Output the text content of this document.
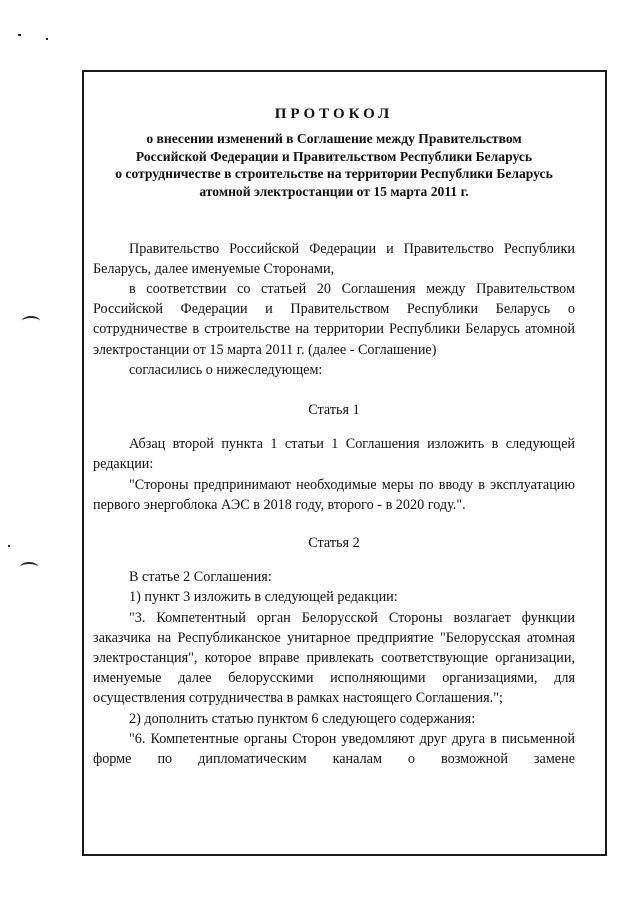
ПРОТОКОЛ

о внесении изменений в Соглашение между Правительством

Российской Федерации и Правительством Республики Беларусь

о сотрудничестве в строительстве на территории Республики Беларусь

атомной электростанции от 15 марта 2011 г.

Правительство Российской Федерации и Правительство Республики Беларусь, далее именуемые Сторонами,

в соответствии со статьей 20 Соглашения между Правительством Российской Федерации и Правительством Республики Беларусь о сотрудничестве в строительстве на территории Республики Беларусь атомной электростанции от 15 марта 2011 г. (далее - Соглашение)

согласились о нижеследующем:

Статья 1

Абзац второй пункта 1 статьи 1 Соглашения изложить в следующей редакции:

"Стороны предпринимают необходимые меры по вводу в эксплуатацию первого энергоблока АЭС в 2018 году, второго - в 2020 году.".

Статья 2

В статье 2 Соглашения:

1) пункт 3 изложить в следующей редакции:

"3. Компетентный орган Белорусской Стороны возлагает функции заказчика на Республиканское унитарное предприятие "Белорусская атомная электростанция", которое вправе привлекать соответствующие организации, именуемые далее белорусскими исполняющими организациями, для осуществления сотрудничества в рамках настоящего Соглашения.";

2) дополнить статью пунктом 6 следующего содержания:

"6. Компетентные органы Сторон уведомляют друг друга в письменной форме по дипломатическим каналам о возможной замене
